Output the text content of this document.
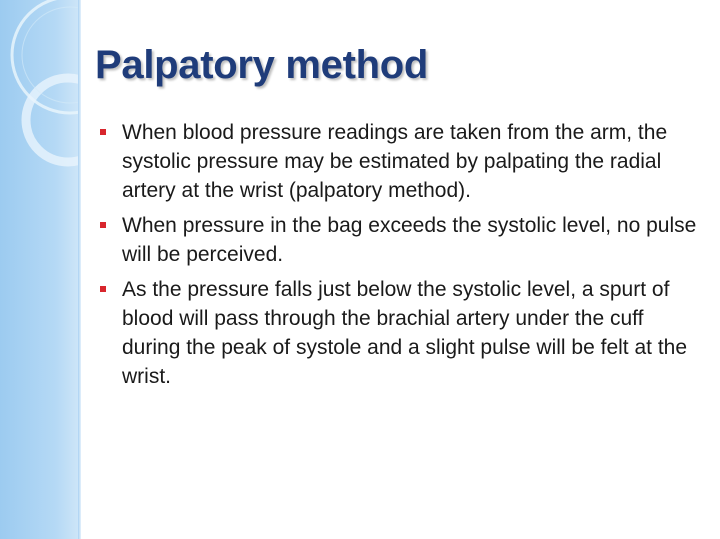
Palpatory method
When blood pressure readings are taken from the arm, the systolic pressure may be estimated by palpating the radial artery at the wrist (palpatory method).
When pressure in the bag exceeds the systolic level, no pulse will be perceived.
As the pressure falls just below the systolic level, a spurt of blood will pass through the brachial artery under the cuff during the peak of systole and a slight pulse will be felt at the wrist.
